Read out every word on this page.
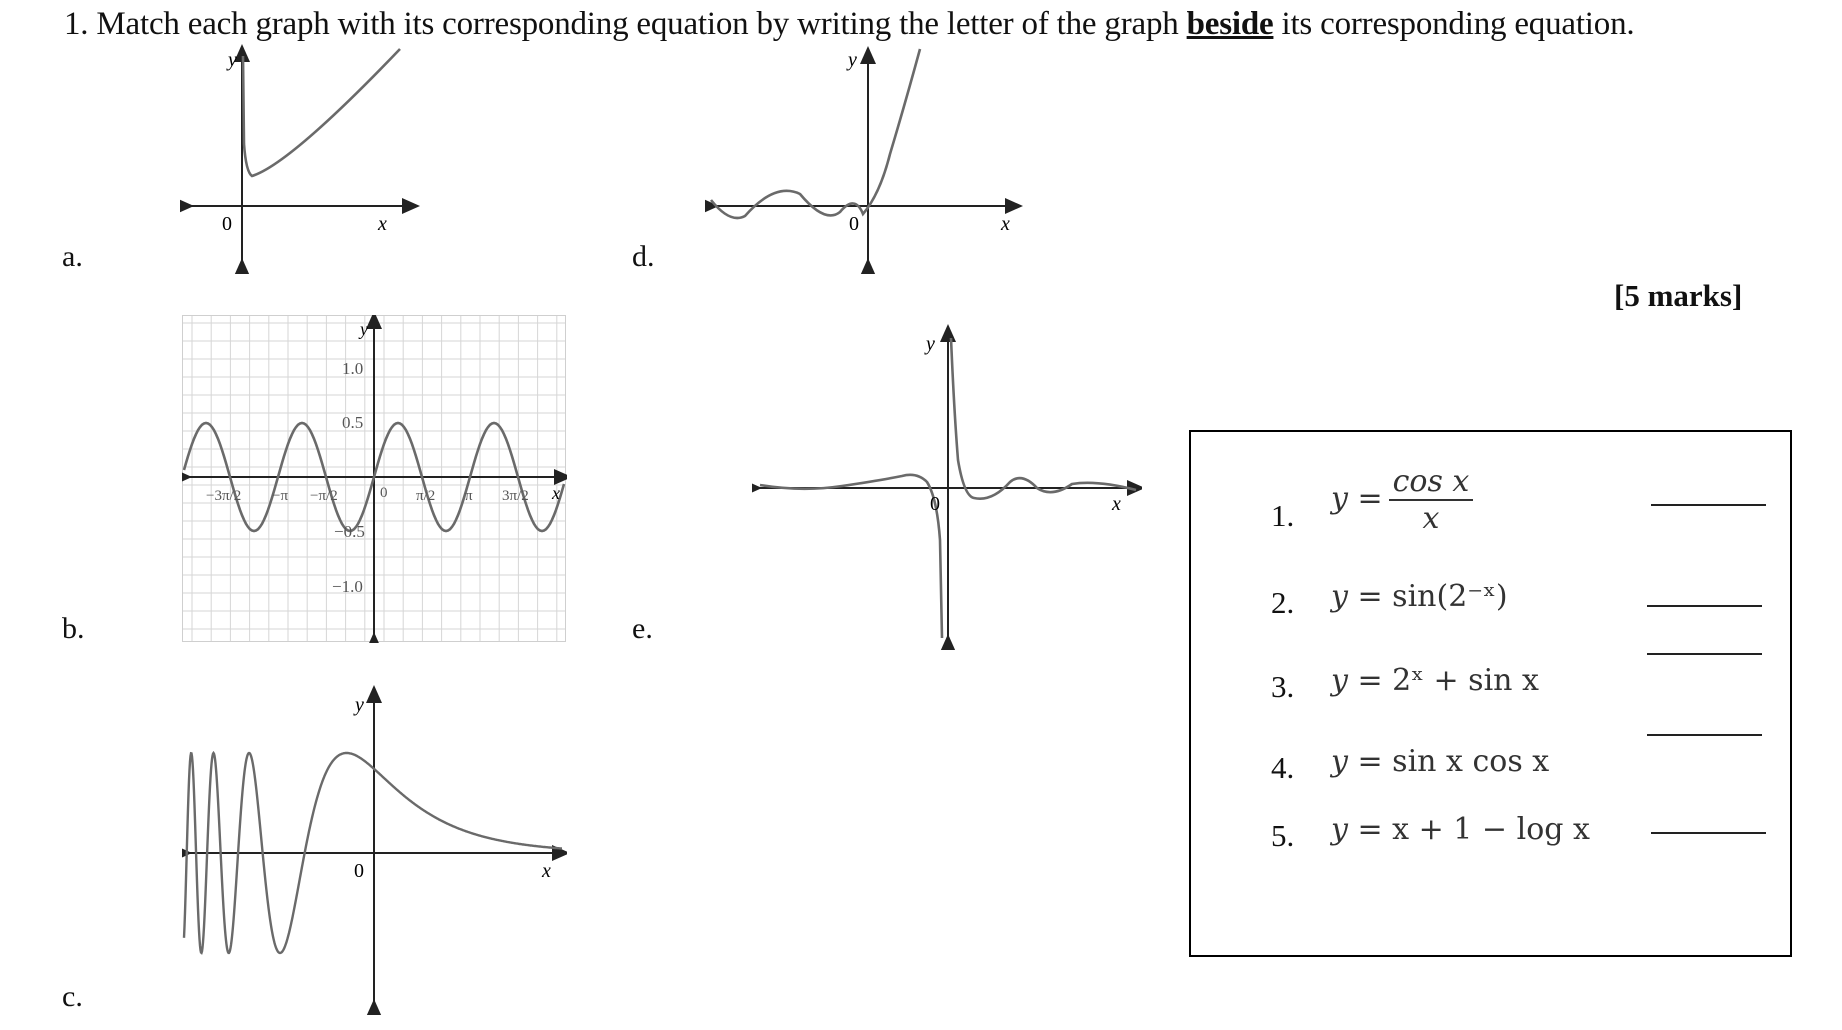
1. Match each graph with its corresponding equation by writing the letter of the graph beside its corresponding equation.
a.
b.
c.
d.
e.
[5 marks]
y
0	x
y
0	x
y
x
1.0
0.5
−0.5
−1.0
−3π/2 −π −π/2	0 π/2 π 3π/2
y
0	x
y
0	x
1. $y = \frac{\text{cos x}}{x}$
2. y = sin(2⁻ˣ)
3. y = 2ˣ + sin x
4. y = sin x cos x
5. y = x + 1 − log x
